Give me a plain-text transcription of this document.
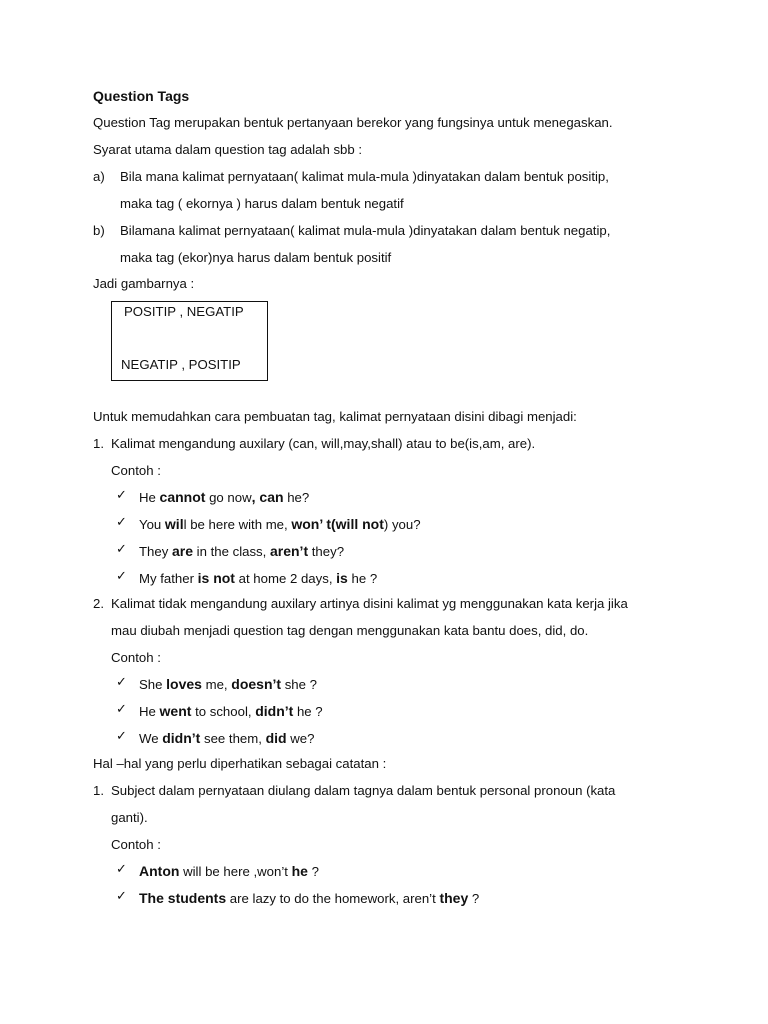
Question Tags
Question Tag merupakan bentuk pertanyaan berekor yang fungsinya untuk menegaskan.
Syarat utama dalam question tag adalah sbb :
a) Bila mana kalimat pernyataan( kalimat mula-mula )dinyatakan dalam bentuk positip,
maka tag ( ekornya ) harus dalam bentuk negatif
b) Bilamana kalimat pernyataan( kalimat mula-mula )dinyatakan dalam bentuk negatip,
maka tag (ekor)nya harus dalam bentuk positif
Jadi gambarnya :
POSITIP , NEGATIP
NEGATIP , POSITIP
Untuk memudahkan cara pembuatan tag, kalimat pernyataan disini dibagi menjadi:
1. Kalimat mengandung auxilary (can, will,may,shall) atau to be(is,am, are).
Contoh :
✓ He cannot go now, can he?
✓ You will be here with me, won’ t(will not) you?
✓ They are in the class, aren’t they?
✓ My father is not at home 2 days, is he ?
2. Kalimat tidak mengandung auxilary artinya disini kalimat yg menggunakan kata kerja jika
mau diubah menjadi question tag dengan menggunakan kata bantu does, did, do.
Contoh :
✓ She loves me, doesn’t she ?
✓ He went to school, didn’t he ?
✓ We didn’t see them, did we?
Hal –hal yang perlu diperhatikan sebagai catatan :
1. Subject dalam pernyataan diulang dalam tagnya dalam bentuk personal pronoun (kata
ganti).
Contoh :
✓ Anton will be here ,won’t he ?
✓ The students are lazy to do the homework, aren’t they ?
